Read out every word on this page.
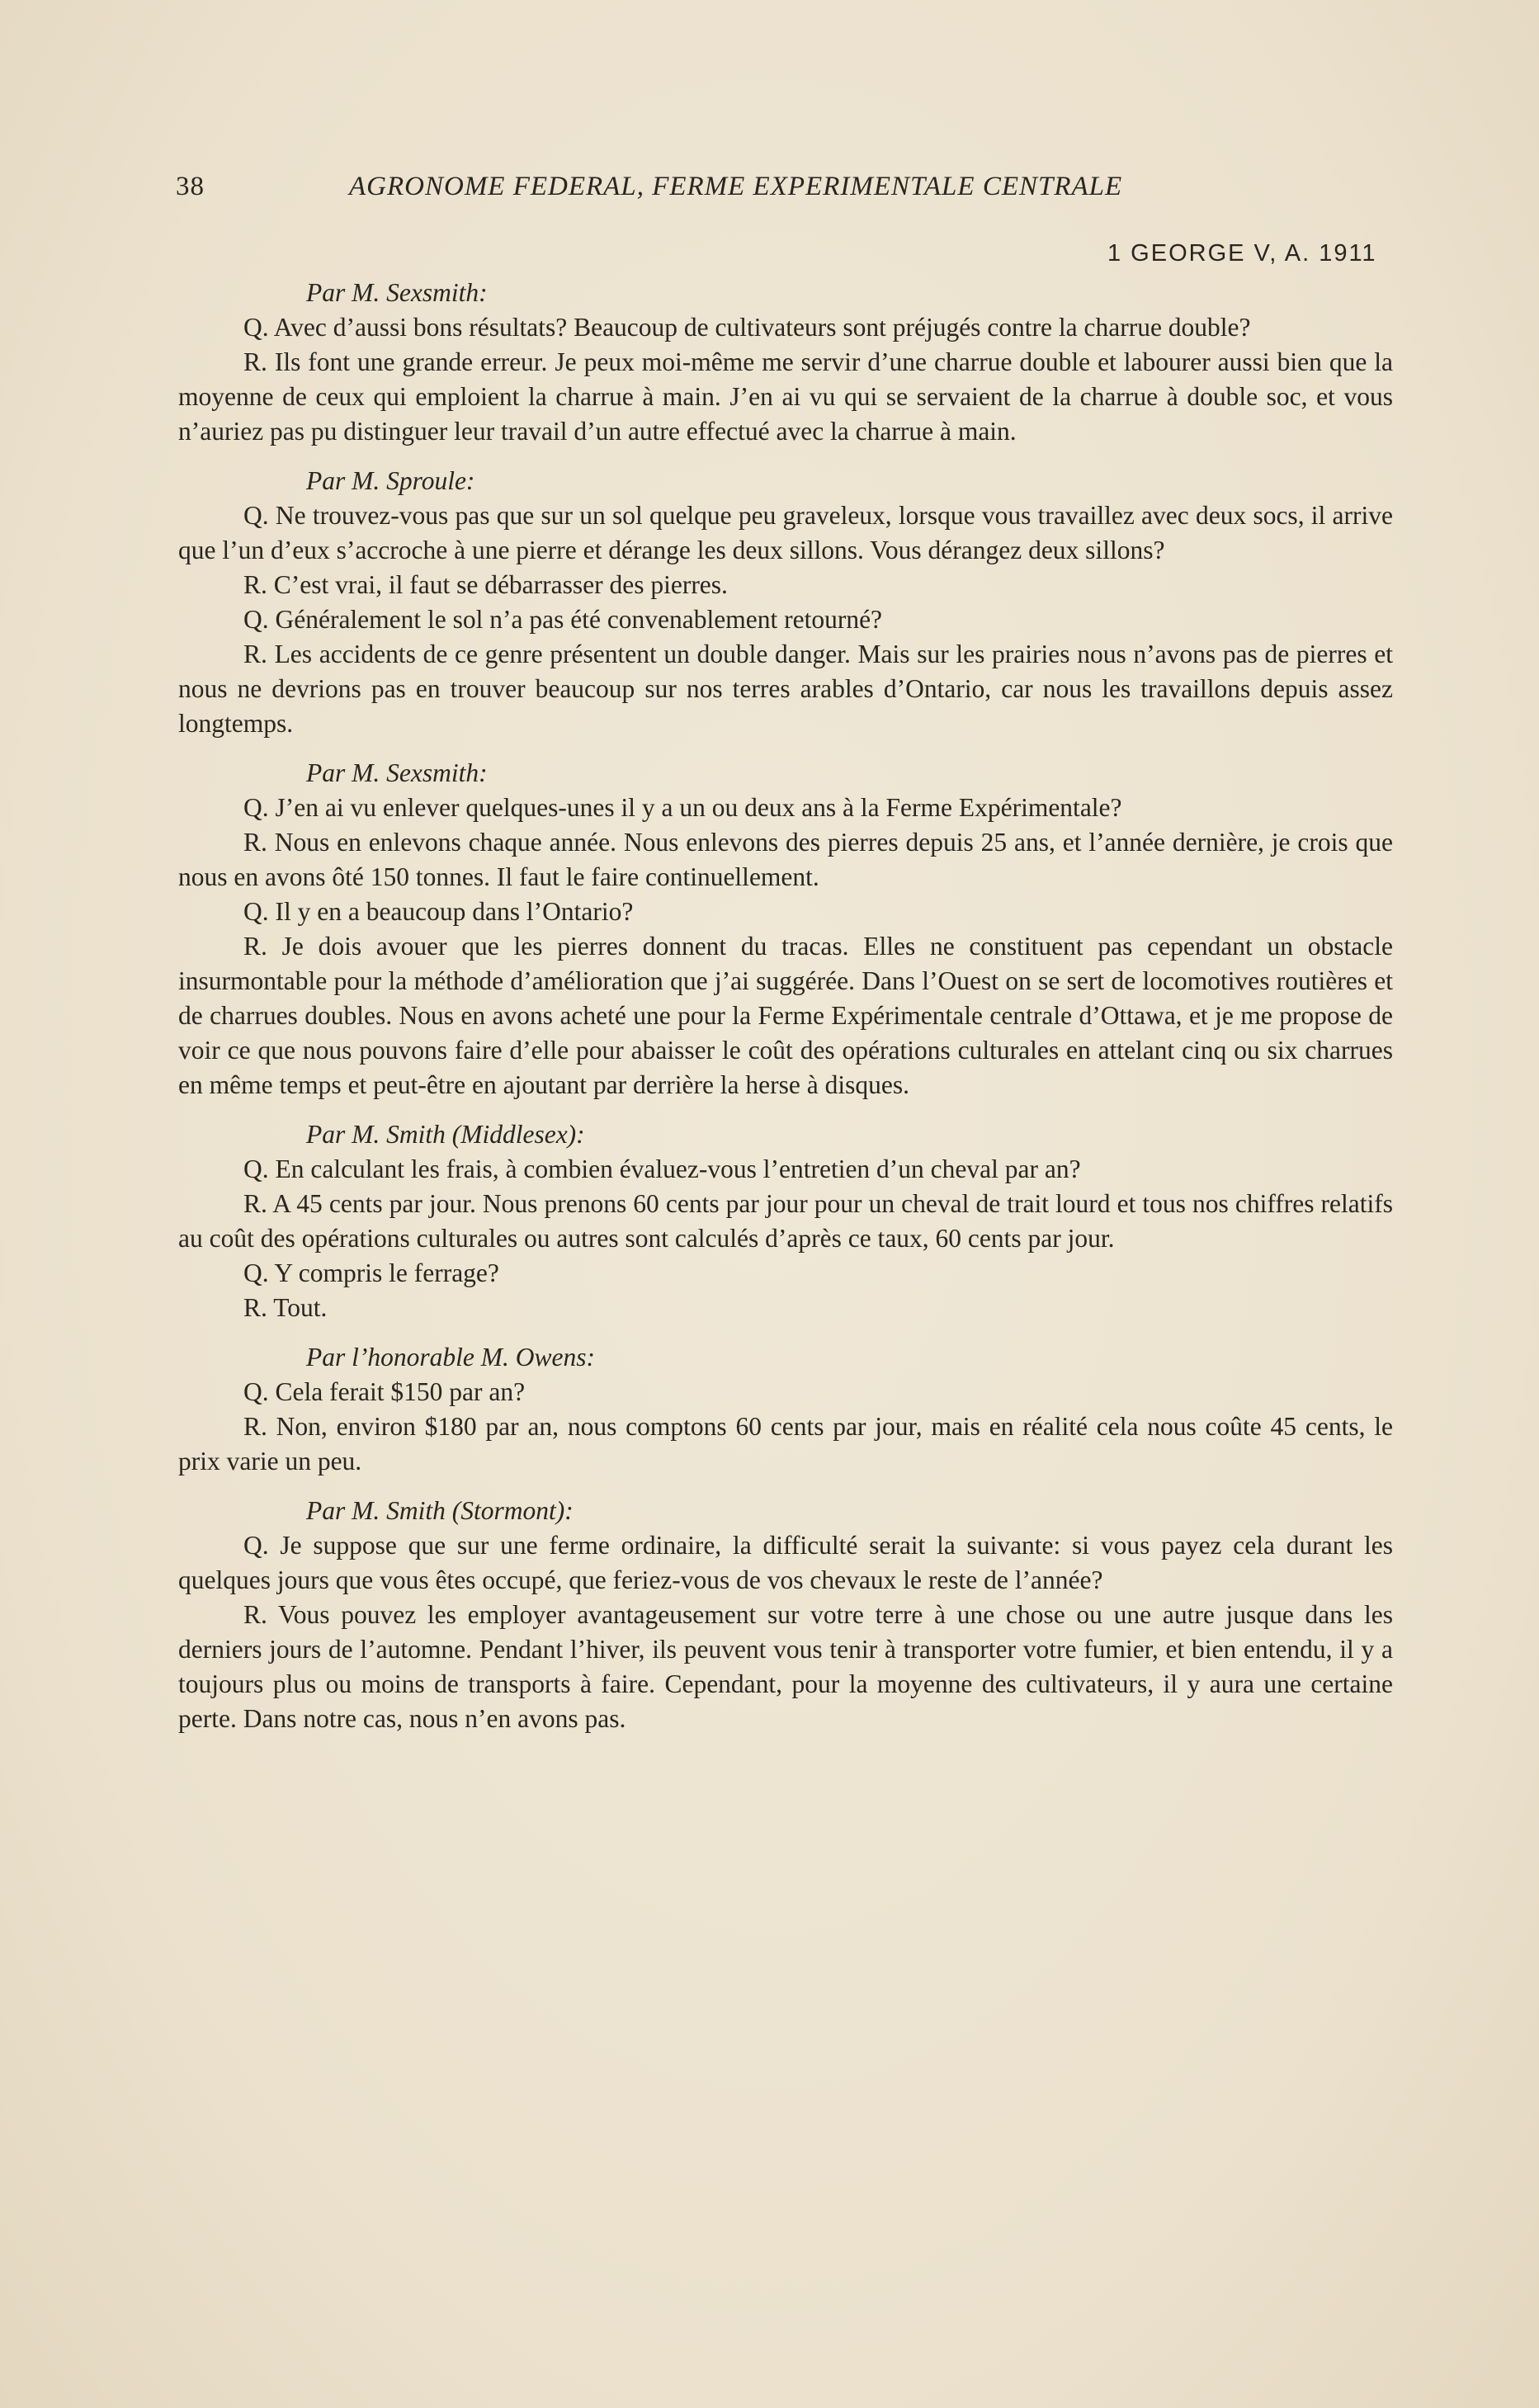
38	AGRONOME FEDERAL, FERME EXPERIMENTALE CENTRALE
1 GEORGE V, A. 1911

Par M. Sexsmith:

Q. Avec d’aussi bons résultats? Beaucoup de cultivateurs sont préjugés contre la charrue double?

R. Ils font une grande erreur. Je peux moi-même me servir d’une charrue double et labourer aussi bien que la moyenne de ceux qui emploient la charrue à main. J’en ai vu qui se servaient de la charrue à double soc, et vous n’auriez pas pu distinguer leur travail d’un autre effectué avec la charrue à main.

Par M. Sproule:

Q. Ne trouvez-vous pas que sur un sol quelque peu graveleux, lorsque vous travaillez avec deux socs, il arrive que l’un d’eux s’accroche à une pierre et dérange les deux sillons. Vous dérangez deux sillons?

R. C’est vrai, il faut se débarrasser des pierres.

Q. Généralement le sol n’a pas été convenablement retourné?

R. Les accidents de ce genre présentent un double danger. Mais sur les prairies nous n’avons pas de pierres et nous ne devrions pas en trouver beaucoup sur nos terres arables d’Ontario, car nous les travaillons depuis assez longtemps.

Par M. Sexsmith:

Q. J’en ai vu enlever quelques-unes il y a un ou deux ans à la Ferme Expérimentale?

R. Nous en enlevons chaque année. Nous enlevons des pierres depuis 25 ans, et l’année dernière, je crois que nous en avons ôté 150 tonnes. Il faut le faire continuellement.

Q. Il y en a beaucoup dans l’Ontario?

R. Je dois avouer que les pierres donnent du tracas. Elles ne constituent pas cependant un obstacle insurmontable pour la méthode d’amélioration que j’ai suggérée. Dans l’Ouest on se sert de locomotives routières et de charrues doubles. Nous en avons acheté une pour la Ferme Expérimentale centrale d’Ottawa, et je me propose de voir ce que nous pouvons faire d’elle pour abaisser le coût des opérations culturales en attelant cinq ou six charrues en même temps et peut-être en ajoutant par derrière la herse à disques.

Par M. Smith (Middlesex):

Q. En calculant les frais, à combien évaluez-vous l’entretien d’un cheval par an?

R. A 45 cents par jour. Nous prenons 60 cents par jour pour un cheval de trait lourd et tous nos chiffres relatifs au coût des opérations culturales ou autres sont calculés d’après ce taux, 60 cents par jour.

Q. Y compris le ferrage?

R. Tout.

Par l’honorable M. Owens:

Q. Cela ferait $150 par an?

R. Non, environ $180 par an, nous comptons 60 cents par jour, mais en réalité cela nous coûte 45 cents, le prix varie un peu.

Par M. Smith (Stormont):

Q. Je suppose que sur une ferme ordinaire, la difficulté serait la suivante: si vous payez cela durant les quelques jours que vous êtes occupé, que feriez-vous de vos chevaux le reste de l’année?

R. Vous pouvez les employer avantageusement sur votre terre à une chose ou une autre jusque dans les derniers jours de l’automne. Pendant l’hiver, ils peuvent vous tenir à transporter votre fumier, et bien entendu, il y a toujours plus ou moins de transports à faire. Cependant, pour la moyenne des cultivateurs, il y aura une certaine perte. Dans notre cas, nous n’en avons pas.
